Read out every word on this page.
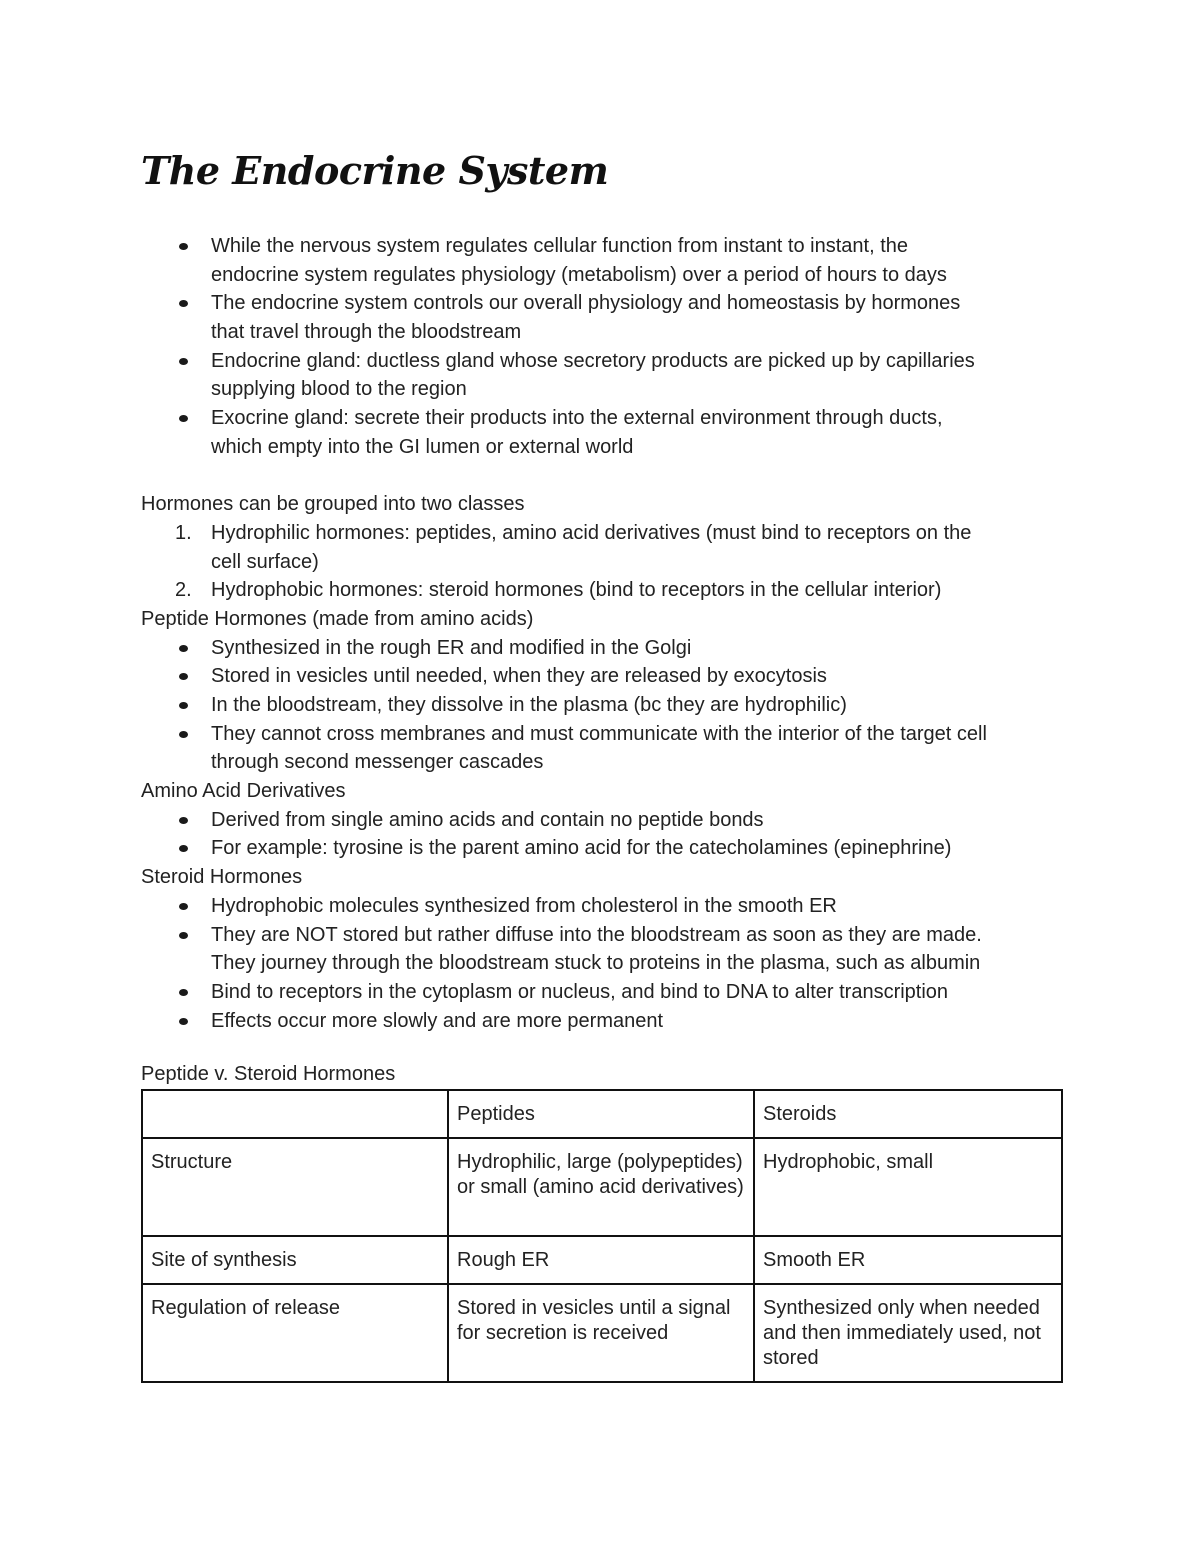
The Endocrine System
While the nervous system regulates cellular function from instant to instant, the
endocrine system regulates physiology (metabolism) over a period of hours to days
The endocrine system controls our overall physiology and homeostasis by hormones
that travel through the bloodstream
Endocrine gland: ductless gland whose secretory products are picked up by capillaries
supplying blood to the region
Exocrine gland: secrete their products into the external environment through ducts,
which empty into the GI lumen or external world
Hormones can be grouped into two classes
1. Hydrophilic hormones: peptides, amino acid derivatives (must bind to receptors on the
cell surface)
2. Hydrophobic hormones: steroid hormones (bind to receptors in the cellular interior)
Peptide Hormones (made from amino acids)
Synthesized in the rough ER and modified in the Golgi
Stored in vesicles until needed, when they are released by exocytosis
In the bloodstream, they dissolve in the plasma (bc they are hydrophilic)
They cannot cross membranes and must communicate with the interior of the target cell
through second messenger cascades
Amino Acid Derivatives
Derived from single amino acids and contain no peptide bonds
For example: tyrosine is the parent amino acid for the catecholamines (epinephrine)
Steroid Hormones
Hydrophobic molecules synthesized from cholesterol in the smooth ER
They are NOT stored but rather diffuse into the bloodstream as soon as they are made.
They journey through the bloodstream stuck to proteins in the plasma, such as albumin
Bind to receptors in the cytoplasm or nucleus, and bind to DNA to alter transcription
Effects occur more slowly and are more permanent
Peptide v. Steroid Hormones
	Peptides	Steroids
Structure	Hydrophilic, large (polypeptides) or small (amino acid derivatives)	Hydrophobic, small
Site of synthesis	Rough ER	Smooth ER
Regulation of release	Stored in vesicles until a signal for secretion is received	Synthesized only when needed and then immediately used, not stored
